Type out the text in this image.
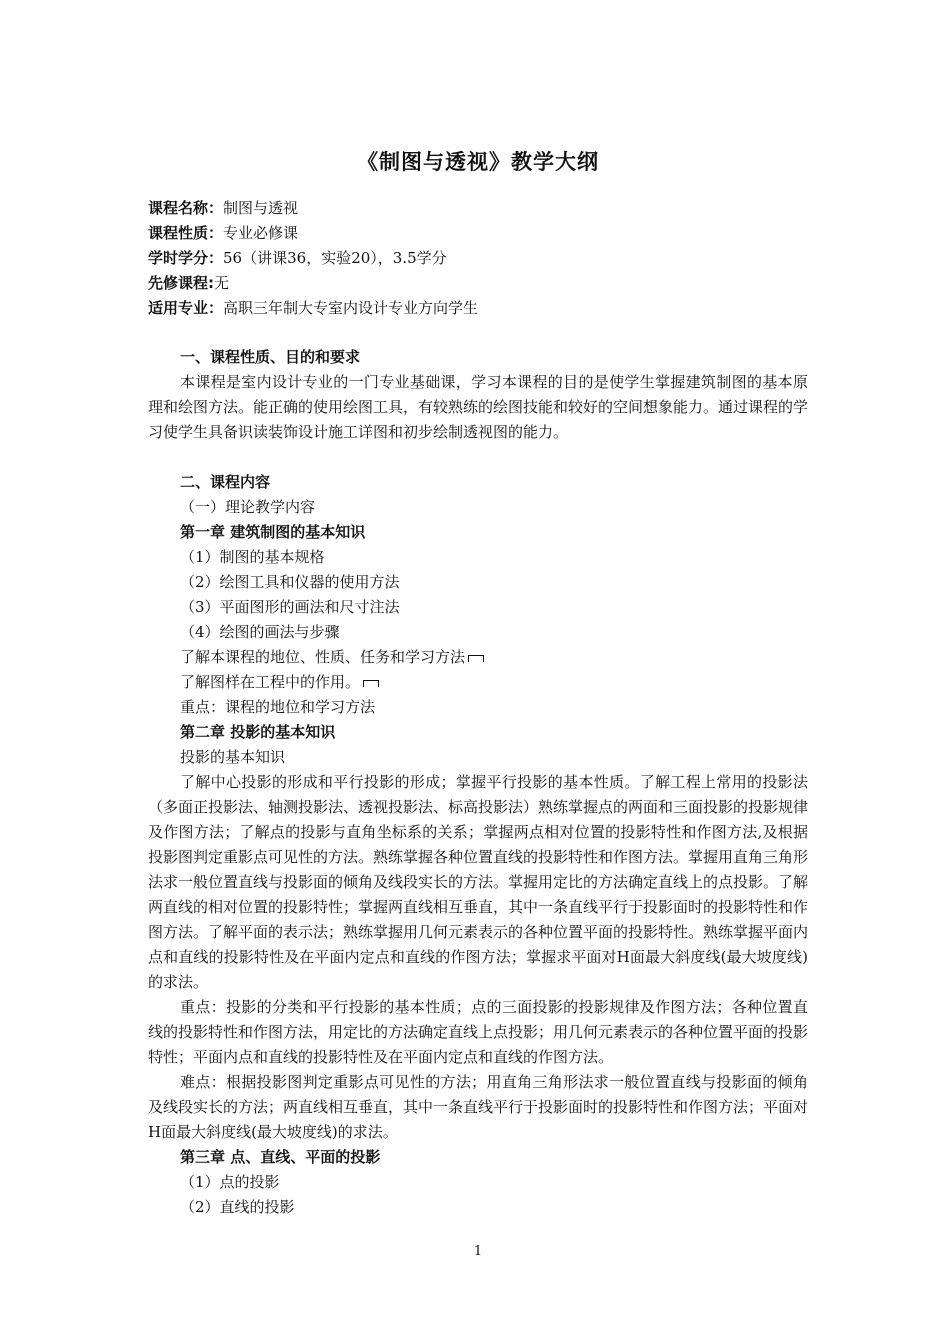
《制图与透视》教学大纲
课程名称：制图与透视
课程性质：专业必修课
学时学分：56（讲课36，实验20），3.5学分
先修课程:无
适用专业：高职三年制大专室内设计专业方向学生
一、课程性质、目的和要求
本课程是室内设计专业的一门专业基础课，学习本课程的目的是使学生掌握建筑制图的基本原理和绘图方法。能正确的使用绘图工具，有较熟练的绘图技能和较好的空间想象能力。通过课程的学习使学生具备识读装饰设计施工详图和初步绘制透视图的能力。
二、课程内容
（一）理论教学内容
第一章 建筑制图的基本知识
（1）制图的基本规格
（2）绘图工具和仪器的使用方法
（3）平面图形的画法和尺寸注法
（4）绘图的画法与步骤
了解本课程的地位、性质、任务和学习方法
了解图样在工程中的作用。
重点：课程的地位和学习方法
第二章 投影的基本知识
投影的基本知识
了解中心投影的形成和平行投影的形成；掌握平行投影的基本性质。了解工程上常用的投影法（多面正投影法、轴测投影法、透视投影法、标高投影法）熟练掌握点的两面和三面投影的投影规律及作图方法；了解点的投影与直角坐标系的关系；掌握两点相对位置的投影特性和作图方法,及根据投影图判定重影点可见性的方法。熟练掌握各种位置直线的投影特性和作图方法。掌握用直角三角形法求一般位置直线与投影面的倾角及线段实长的方法。掌握用定比的方法确定直线上的点投影。了解两直线的相对位置的投影特性；掌握两直线相互垂直，其中一条直线平行于投影面时的投影特性和作图方法。了解平面的表示法；熟练掌握用几何元素表示的各种位置平面的投影特性。熟练掌握平面内点和直线的投影特性及在平面内定点和直线的作图方法；掌握求平面对H面最大斜度线(最大坡度线)的求法。
重点：投影的分类和平行投影的基本性质；点的三面投影的投影规律及作图方法；各种位置直线的投影特性和作图方法，用定比的方法确定直线上点投影；用几何元素表示的各种位置平面的投影特性；平面内点和直线的投影特性及在平面内定点和直线的作图方法。
难点：根据投影图判定重影点可见性的方法；用直角三角形法求一般位置直线与投影面的倾角及线段实长的方法；两直线相互垂直，其中一条直线平行于投影面时的投影特性和作图方法；平面对H面最大斜度线(最大坡度线)的求法。
第三章 点、直线、平面的投影
（1）点的投影
（2）直线的投影
1
